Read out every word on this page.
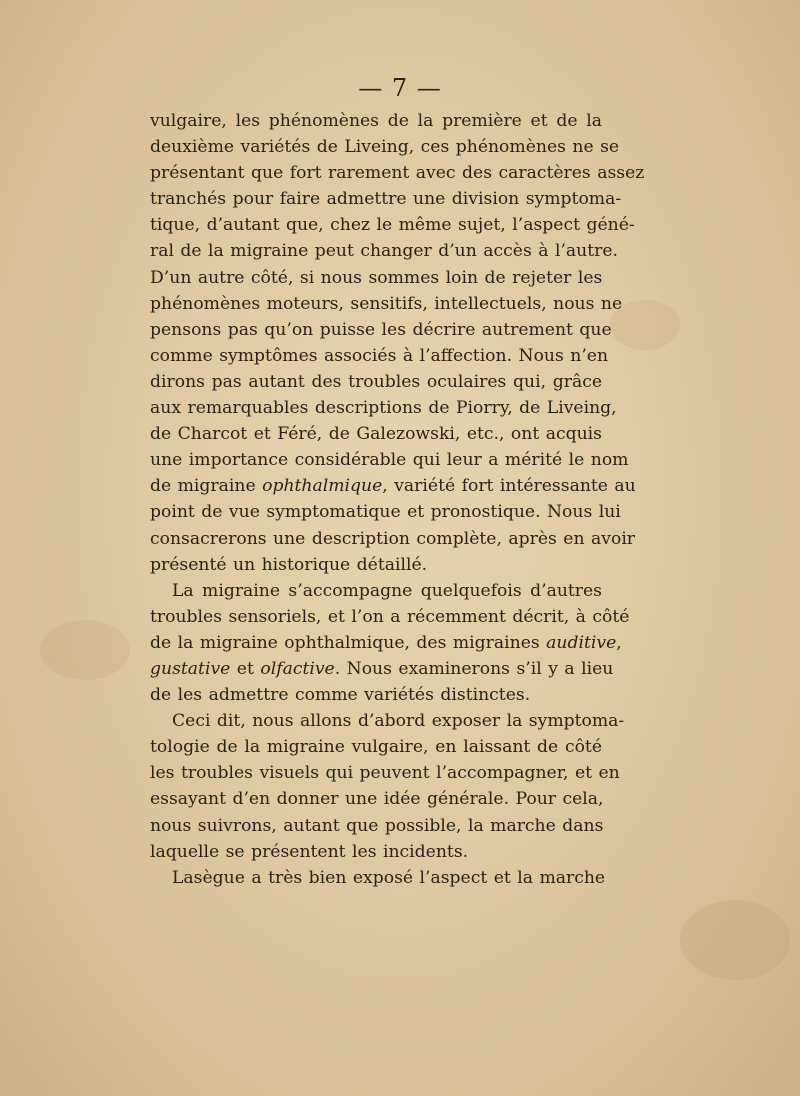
— 7 —
vulgaire, les phénomènes de la première et de la
deuxième variétés de Liveing, ces phénomènes ne se
présentant que fort rarement avec des caractères assez
tranchés pour faire admettre une division symptoma-
tique, d’autant que, chez le même sujet, l’aspect géné-
ral de la migraine peut changer d’un accès à l’autre.
D’un autre côté, si nous sommes loin de rejeter les
phénomènes moteurs, sensitifs, intellectuels, nous ne
pensons pas qu’on puisse les décrire autrement que
comme symptômes associés à l’affection. Nous n’en
dirons pas autant des troubles oculaires qui, grâce
aux remarquables descriptions de Piorry, de Liveing,
de Charcot et Féré, de Galezowski, etc., ont acquis
une importance considérable qui leur a mérité le nom
de migraine ophthalmique, variété fort intéressante au
point de vue symptomatique et pronostique. Nous lui
consacrerons une description complète, après en avoir
présenté un historique détaillé.
La migraine s’accompagne quelquefois d’autres
troubles sensoriels, et l’on a récemment décrit, à côté
de la migraine ophthalmique, des migraines auditive,
gustative et olfactive. Nous examinerons s’il y a lieu
de les admettre comme variétés distinctes.
Ceci dit, nous allons d’abord exposer la symptoma-
tologie de la migraine vulgaire, en laissant de côté
les troubles visuels qui peuvent l’accompagner, et en
essayant d’en donner une idée générale. Pour cela,
nous suivrons, autant que possible, la marche dans
laquelle se présentent les incidents.
Lasègue a très bien exposé l’aspect et la marche
